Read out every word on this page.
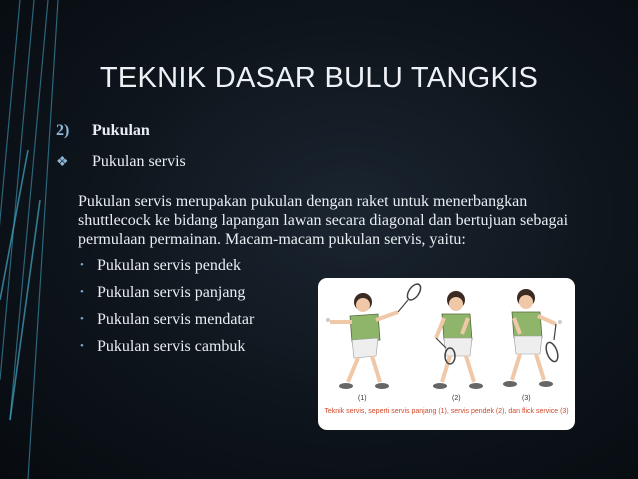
TEKNIK DASAR BULU TANGKIS
2) Pukulan
❖ Pukulan servis
Pukulan servis merupakan pukulan dengan raket untuk menerbangkan shuttlecock ke bidang lapangan lawan secara diagonal dan bertujuan sebagai permulaan permainan. Macam-macam pukulan servis, yaitu:
• Pukulan servis pendek
• Pukulan servis panjang
• Pukulan servis mendatar
• Pukulan servis cambuk
(1)	(2)	(3)
Teknik servis, seperti servis panjang (1), servis pendek (2), dan flick service (3)
